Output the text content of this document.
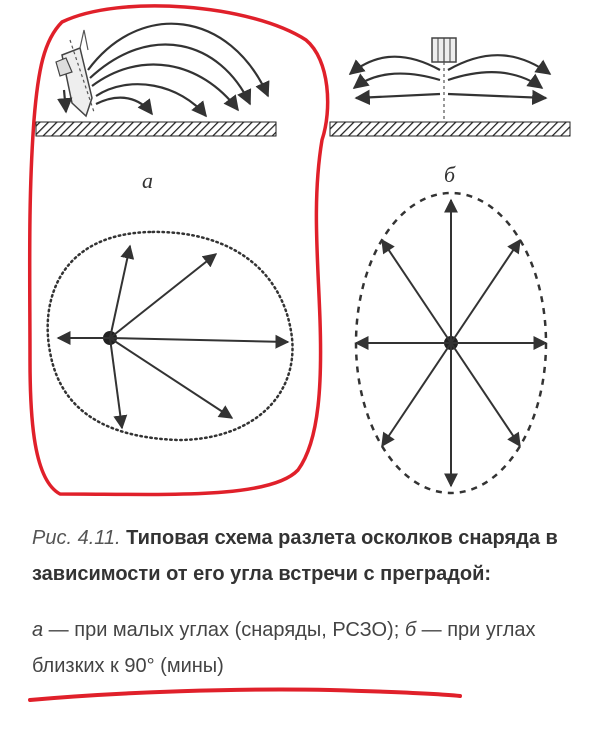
а	б

Рис. 4.11. Типовая схема разлета осколков снаряда в зависимости от его угла встречи с преградой:

а — при малых углах (снаряды, РСЗО); б — при углах близких к 90° (мины)
